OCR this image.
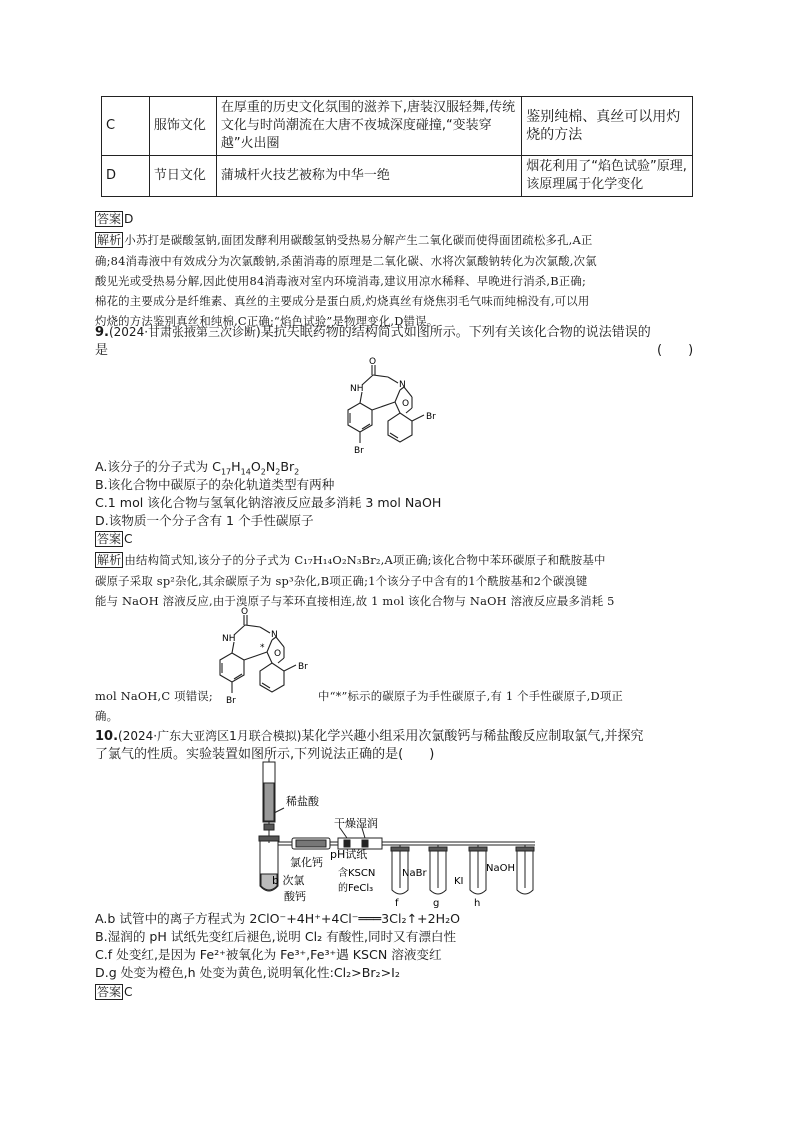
C	服饰文化	在厚重的历史文化氛围的滋养下,唐装汉服轻舞,传统文化与时尚潮流在大唐不夜城深度碰撞,“变装穿越”火出圈	鉴别纯棉、真丝可以用灼烧的方法
D	节日文化	蒲城杆火技艺被称为中华一绝	烟花利用了“焰色试验”原理,该原理属于化学变化
答案 D
解析 小苏打是碳酸氢钠,面团发酵利用碳酸氢钠受热易分解产生二氧化碳而使得面团疏松多孔,A正
确;84消毒液中有效成分为次氯酸钠,杀菌消毒的原理是二氧化碳、水将次氯酸钠转化为次氯酸,次氯
酸见光或受热易分解,因此使用84消毒液对室内环境消毒,建议用凉水稀释、早晚进行消杀,B正确;
棉花的主要成分是纤维素、真丝的主要成分是蛋白质,灼烧真丝有烧焦羽毛气味而纯棉没有,可以用
灼烧的方法鉴别真丝和纯棉,C正确;“焰色试验”是物理变化,D错误。
9.(2024·甘肃张掖第三次诊断)某抗失眠药物的结构简式如图所示。下列有关该化合物的说法错误的
是	(　　)
O
NH	N
O
Br
Br
A.该分子的分子式为 $C_{17}H_{14}O_2N_2Br_2$
B.该化合物中碳原子的杂化轨道类型有两种
C.1 mol 该化合物与氢氧化钠溶液反应最多消耗 3 mol NaOH
D.该物质一个分子含有 1 个手性碳原子
答案 C
解析 由结构简式知,该分子的分子式为 C₁₇H₁₄O₂N₃Br₂,A项正确;该化合物中苯环碳原子和酰胺基中
碳原子采取 sp²杂化,其余碳原子为 sp³杂化,B项正确;1个该分子中含有的1个酰胺基和2个碳溴键
能与 NaOH 溶液反应,由于溴原子与苯环直接相连,故 1 mol 该化合物与 NaOH 溶液反应最多消耗 5
O
NH	N
O
*
Br
Br
mol NaOH,C 项错误;	中“*”标示的碳原子为手性碳原子,有 1 个手性碳原子,D项正
确。
10.(2024·广东大亚湾区1月联合模拟)某化学兴趣小组采用次氯酸钙与稀盐酸反应制取氯气,并探究
了氯气的性质。实验装置如图所示,下列说法正确的是(　　)
稀盐酸
干燥 湿润
氯化钙
pH试纸
b 次氯
酸钙
含KSCN
的FeCl₃
NaBr
KI
NaOH
f	g	h
A.b 试管中的离子方程式为 2ClO⁻+4H⁺+4Cl⁻═══3Cl₂↑+2H₂O
B.湿润的 pH 试纸先变红后褪色,说明 Cl₂ 有酸性,同时又有漂白性
C.f 处变红,是因为 Fe²⁺被氧化为 Fe³⁺,Fe³⁺遇 KSCN 溶液变红
D.g 处变为橙色,h 处变为黄色,说明氧化性:Cl₂>Br₂>I₂
答案 C
